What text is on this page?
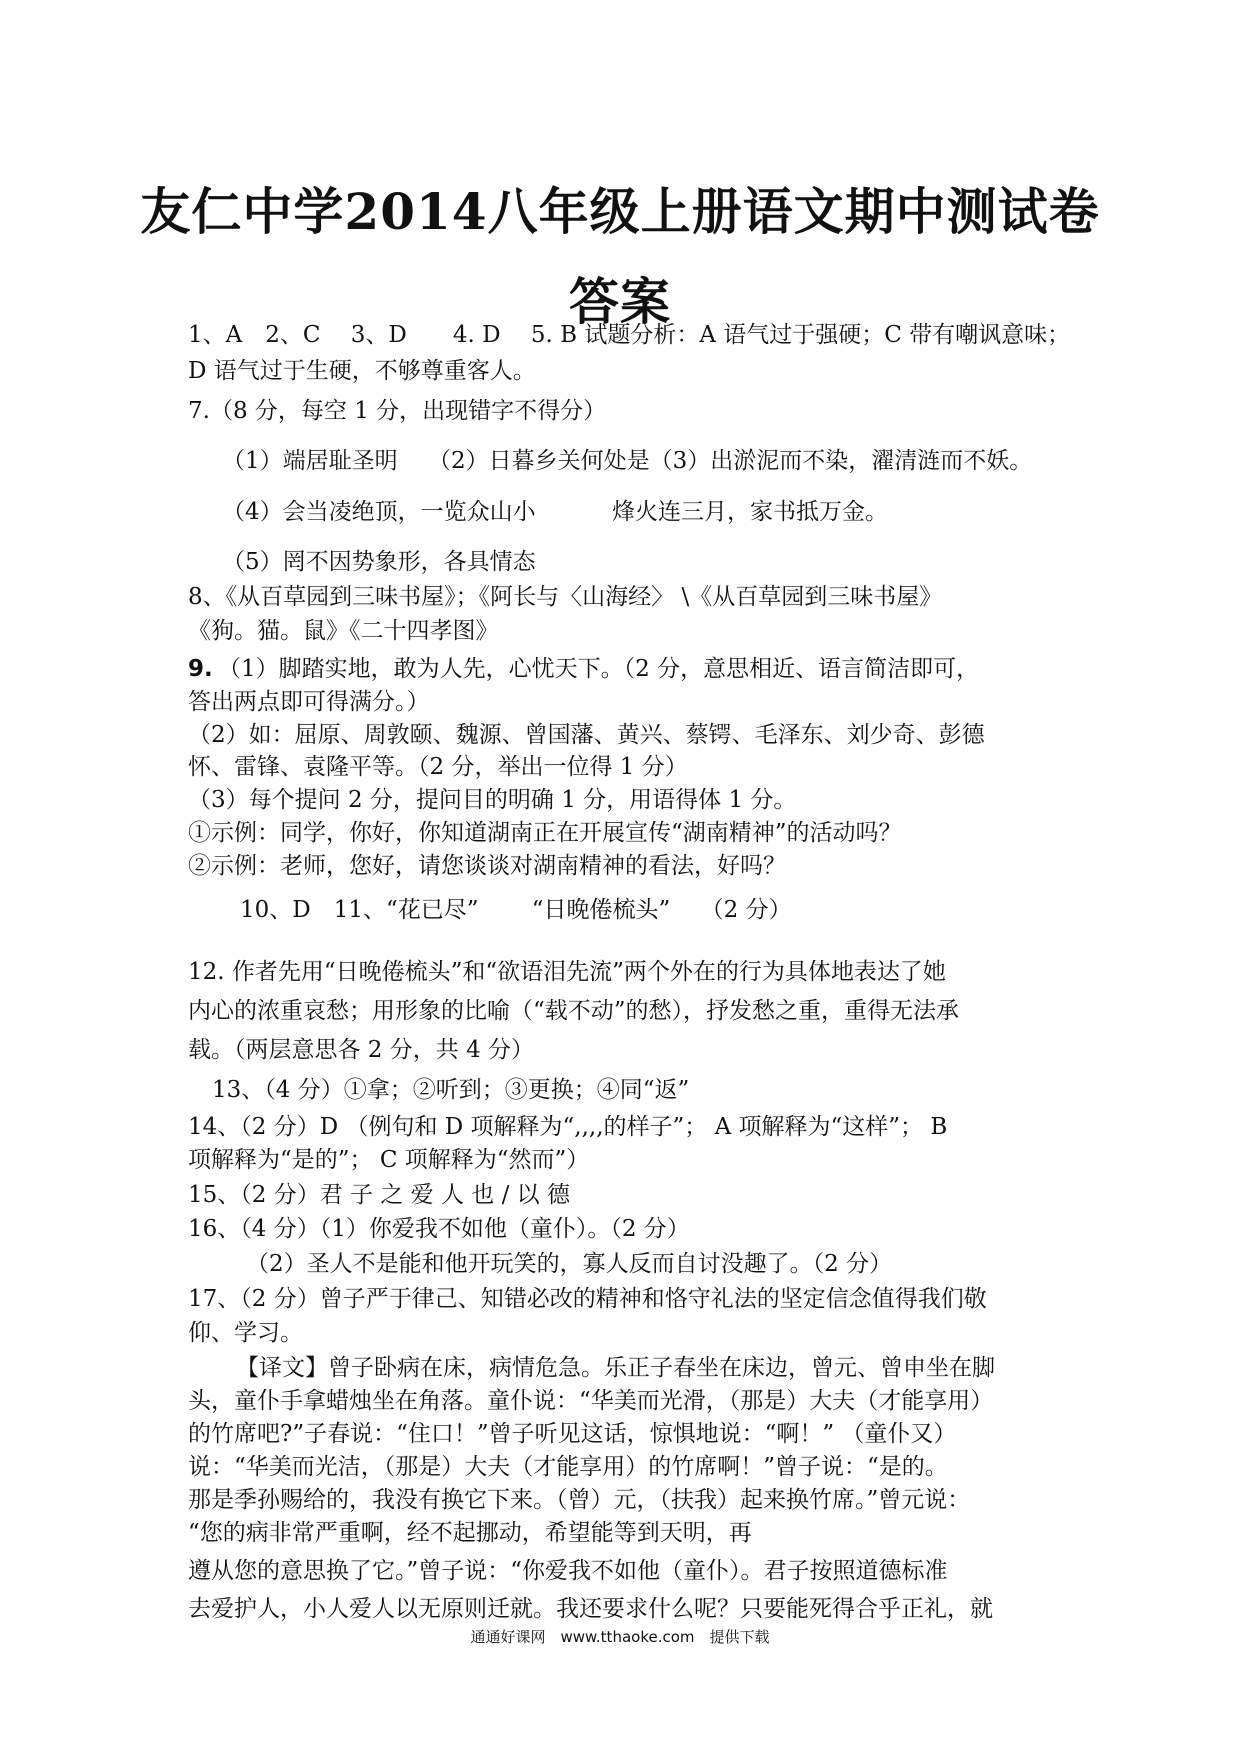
友仁中学2014八年级上册语文期中测试卷
答案
1、A　2、C　 3、D　　4. D　 5. B 试题分析：A 语气过于强硬；C 带有嘲讽意味；
D 语气过于生硬，不够尊重客人。
7.（8 分，每空 1 分，出现错字不得分）
（1）端居耻圣明　 （2）日暮乡关何处是（3）出淤泥而不染，濯清涟而不妖。
（4）会当凌绝顶，一览众山小　　　 烽火连三月，家书抵万金。
（5）罔不因势象形，各具情态
8、《从百草园到三味书屋》；《阿长与〈山海经〉 \《从百草园到三味书屋》
《狗。猫。鼠》《二十四孝图》
9. （1）脚踏实地，敢为人先，心忧天下。（2 分，意思相近、语言简洁即可，
答出两点即可得满分。）
（2）如：屈原、周敦颐、魏源、曾国藩、黄兴、蔡锷、毛泽东、刘少奇、彭德
怀、雷锋、袁隆平等。（2 分，举出一位得 1 分）
（3）每个提问 2 分，提问目的明确 1 分，用语得体 1 分。
①示例：同学，你好，你知道湖南正在开展宣传“湖南精神”的活动吗？
②示例：老师，您好，请您谈谈对湖南精神的看法，好吗？
10、D　11、“花已尽”　　 “日晚倦梳头”　 （2 分）
12. 作者先用“日晚倦梳头”和“欲语泪先流”两个外在的行为具体地表达了她
内心的浓重哀愁；用形象的比喻（“载不动”的愁），抒发愁之重，重得无法承
载。（两层意思各 2 分，共 4 分）
13、（4 分）①拿；②听到；③更换；④同“返”
14、（2 分）D （例句和 D 项解释为“,,,,的样子”； A 项解释为“这样”； B
项解释为“是的”； C 项解释为“然而”）
15、（2 分）君 子 之 爱 人 也 / 以 德
16、（4 分）（1）你爱我不如他（童仆）。（2 分）
（2）圣人不是能和他开玩笑的，寡人反而自讨没趣了。（2 分）
17、（2 分）曾子严于律己、知错必改的精神和恪守礼法的坚定信念值得我们敬
仰、学习。
【译文】曾子卧病在床，病情危急。乐正子春坐在床边，曾元、曾申坐在脚
头，童仆手拿蜡烛坐在角落。童仆说：“华美而光滑，（那是）大夫（才能享用）
的竹席吧?”子春说：“住口！”曾子听见这话，惊惧地说：“啊！” （童仆又）
说：“华美而光洁，（那是）大夫（才能享用）的竹席啊！”曾子说：“是的。
那是季孙赐给的，我没有换它下来。（曾）元，（扶我）起来换竹席。”曾元说：
“您的病非常严重啊，经不起挪动，希望能等到天明，再
遵从您的意思换了它。”曾子说：“你爱我不如他（童仆）。君子按照道德标准
去爱护人，小人爱人以无原则迁就。我还要求什么呢？只要能死得合乎正礼，就
通通好课网　www.tthaoke.com　提供下载
